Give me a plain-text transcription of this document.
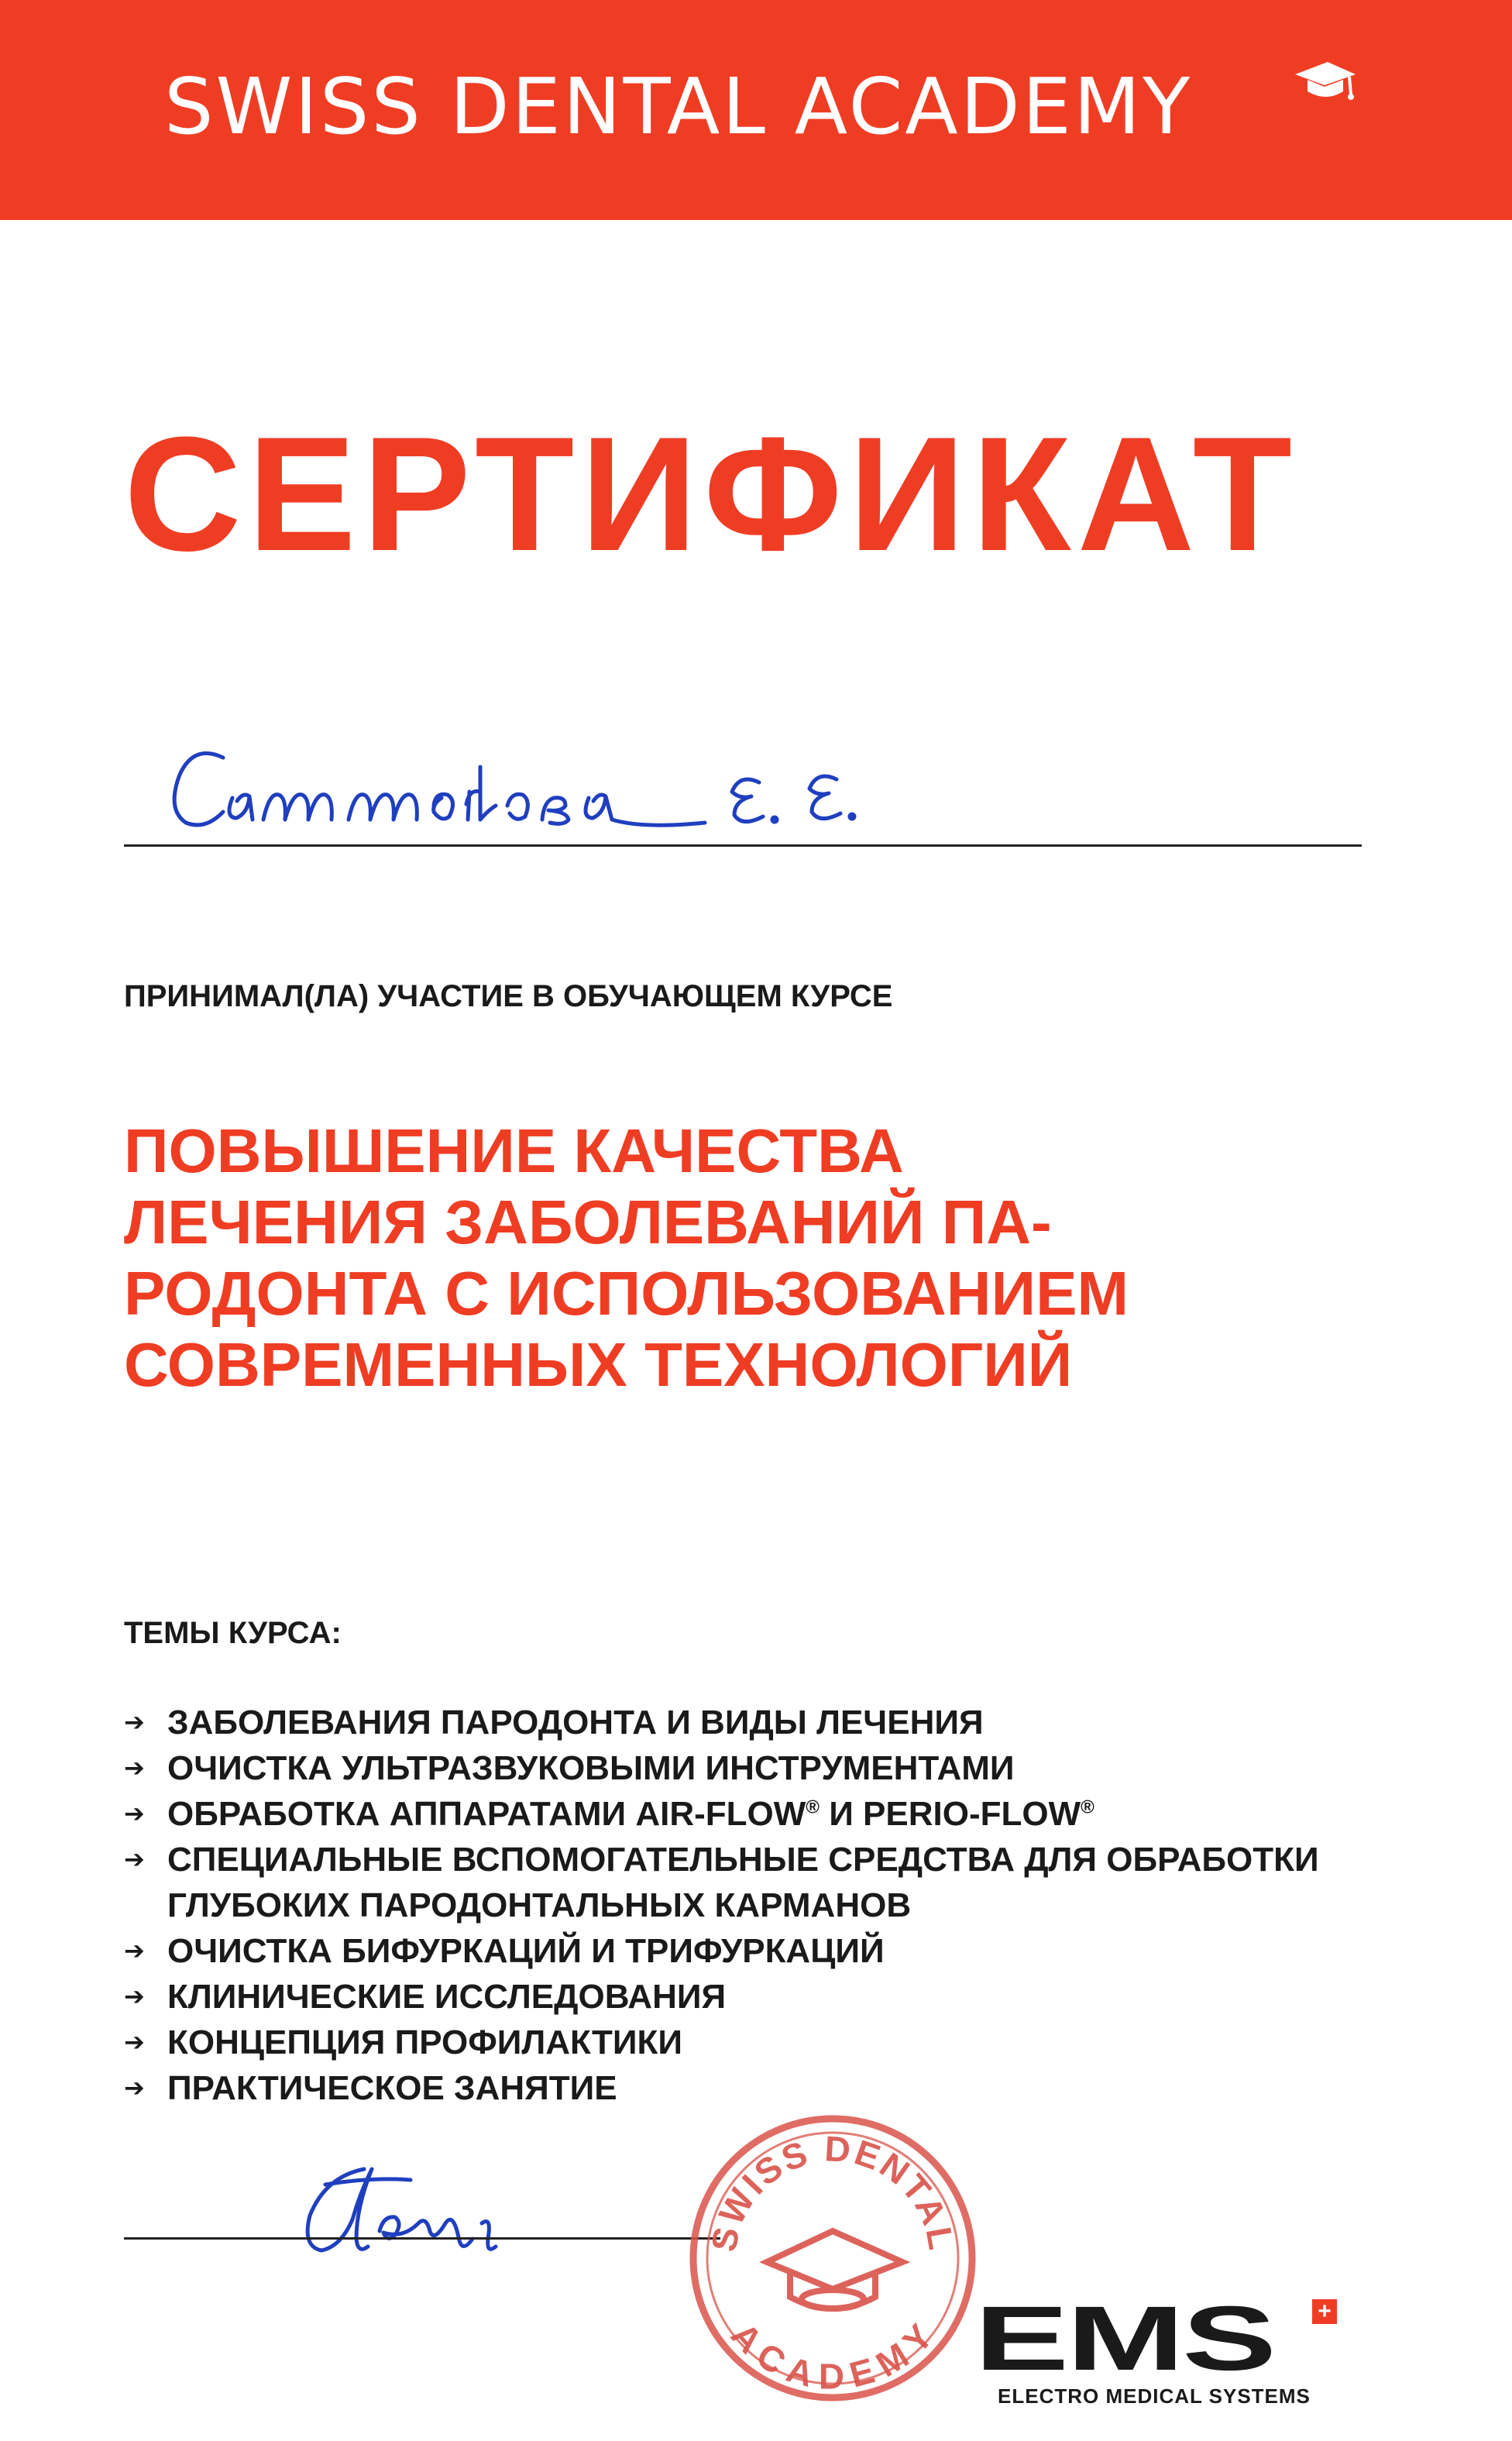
SWISS DENTAL ACADEMY
СЕРТИФИКАТ
ПРИНИМАЛ(ЛА) УЧАСТИЕ В ОБУЧАЮЩЕМ КУРСЕ
ПОВЫШЕНИЕ КАЧЕСТВА
ЛЕЧЕНИЯ ЗАБОЛЕВАНИЙ ПА-
РОДОНТА С ИСПОЛЬЗОВАНИЕМ
СОВРЕМЕННЫХ ТЕХНОЛОГИЙ
ТЕМЫ КУРСА:
➔ ЗАБОЛЕВАНИЯ ПАРОДОНТА И ВИДЫ ЛЕЧЕНИЯ
➔ ОЧИСТКА УЛЬТРАЗВУКОВЫМИ ИНСТРУМЕНТАМИ
➔ ОБРАБОТКА АППАРАТАМИ AIR-FLOW® И PERIO-FLOW®
➔ СПЕЦИАЛЬНЫЕ ВСПОМОГАТЕЛЬНЫЕ СРЕДСТВА ДЛЯ ОБРАБОТКИ ГЛУБОКИХ ПАРОДОНТАЛЬНЫХ КАРМАНОВ
➔ ОЧИСТКА БИФУРКАЦИЙ И ТРИФУРКАЦИЙ
➔ КЛИНИЧЕСКИЕ ИССЛЕДОВАНИЯ
➔ КОНЦЕПЦИЯ ПРОФИЛАКТИКИ
➔ ПРАКТИЧЕСКОЕ ЗАНЯТИЕ
SWISS DENTAL
ACADEMY EMS +
ELECTRO MEDICAL SYSTEMS
